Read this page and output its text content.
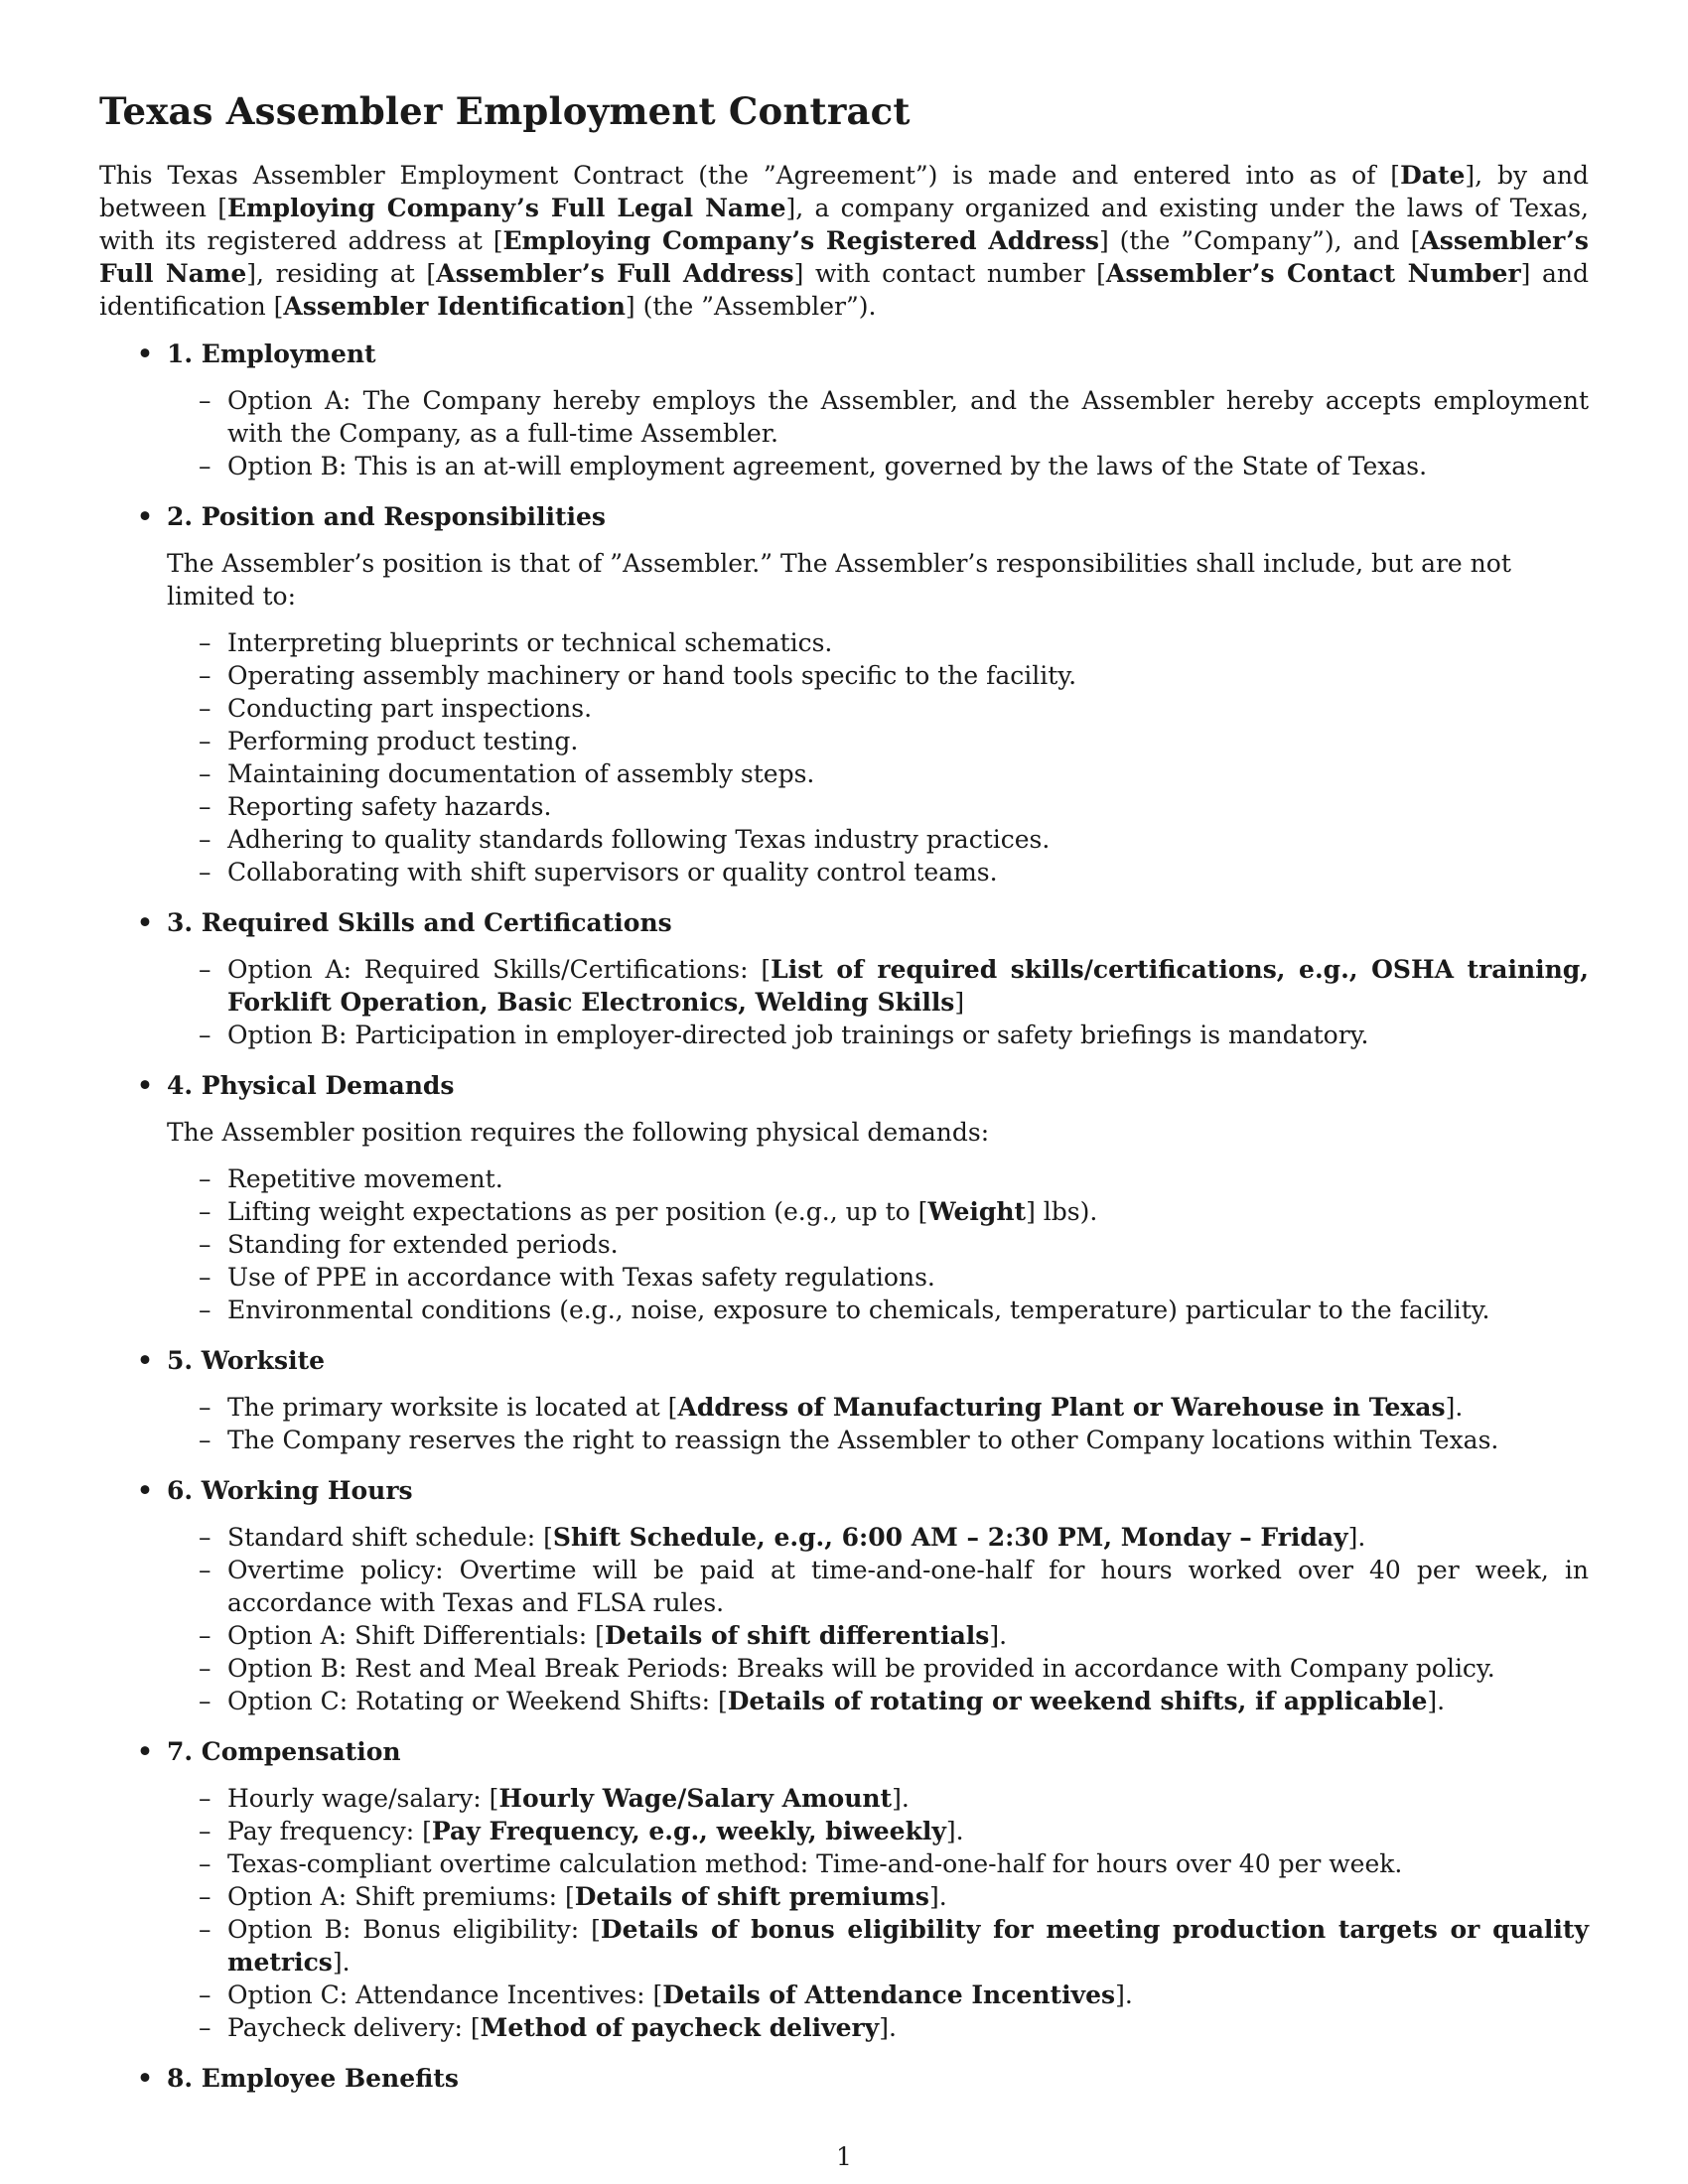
Texas Assembler Employment Contract

This Texas Assembler Employment Contract (the ”Agreement”) is made and entered into as of [Date], by and between [Employing Company’s Full Legal Name], a company organized and existing under the laws of Texas, with its registered address at [Employing Company’s Registered Address] (the ”Company”), and [Assembler’s Full Name], residing at [Assembler’s Full Address] with contact number [Assembler’s Contact Number] and identification [Assembler Identification] (the ”Assembler”).

• 1. Employment
– Option A: The Company hereby employs the Assembler, and the Assembler hereby accepts employment with the Company, as a full-time Assembler.
– Option B: This is an at-will employment agreement, governed by the laws of the State of Texas.
• 2. Position and Responsibilities
The Assembler’s position is that of ”Assembler.” The Assembler’s responsibilities shall include, but are not limited to:
– Interpreting blueprints or technical schematics.
– Operating assembly machinery or hand tools specific to the facility.
– Conducting part inspections.
– Performing product testing.
– Maintaining documentation of assembly steps.
– Reporting safety hazards.
– Adhering to quality standards following Texas industry practices.
– Collaborating with shift supervisors or quality control teams.
• 3. Required Skills and Certifications
– Option A: Required Skills/Certifications: [List of required skills/certifications, e.g., OSHA training, Forklift Operation, Basic Electronics, Welding Skills]
– Option B: Participation in employer-directed job trainings or safety briefings is mandatory.
• 4. Physical Demands
The Assembler position requires the following physical demands:
– Repetitive movement.
– Lifting weight expectations as per position (e.g., up to [Weight] lbs).
– Standing for extended periods.
– Use of PPE in accordance with Texas safety regulations.
– Environmental conditions (e.g., noise, exposure to chemicals, temperature) particular to the facility.
• 5. Worksite
– The primary worksite is located at [Address of Manufacturing Plant or Warehouse in Texas].
– The Company reserves the right to reassign the Assembler to other Company locations within Texas.
• 6. Working Hours
– Standard shift schedule: [Shift Schedule, e.g., 6:00 AM – 2:30 PM, Monday – Friday].
– Overtime policy: Overtime will be paid at time-and-one-half for hours worked over 40 per week, in accordance with Texas and FLSA rules.
– Option A: Shift Differentials: [Details of shift differentials].
– Option B: Rest and Meal Break Periods: Breaks will be provided in accordance with Company policy.
– Option C: Rotating or Weekend Shifts: [Details of rotating or weekend shifts, if applicable].
• 7. Compensation
– Hourly wage/salary: [Hourly Wage/Salary Amount].
– Pay frequency: [Pay Frequency, e.g., weekly, biweekly].
– Texas-compliant overtime calculation method: Time-and-one-half for hours over 40 per week.
– Option A: Shift premiums: [Details of shift premiums].
– Option B: Bonus eligibility: [Details of bonus eligibility for meeting production targets or quality metrics].
– Option C: Attendance Incentives: [Details of Attendance Incentives].
– Paycheck delivery: [Method of paycheck delivery].
• 8. Employee Benefits
1
